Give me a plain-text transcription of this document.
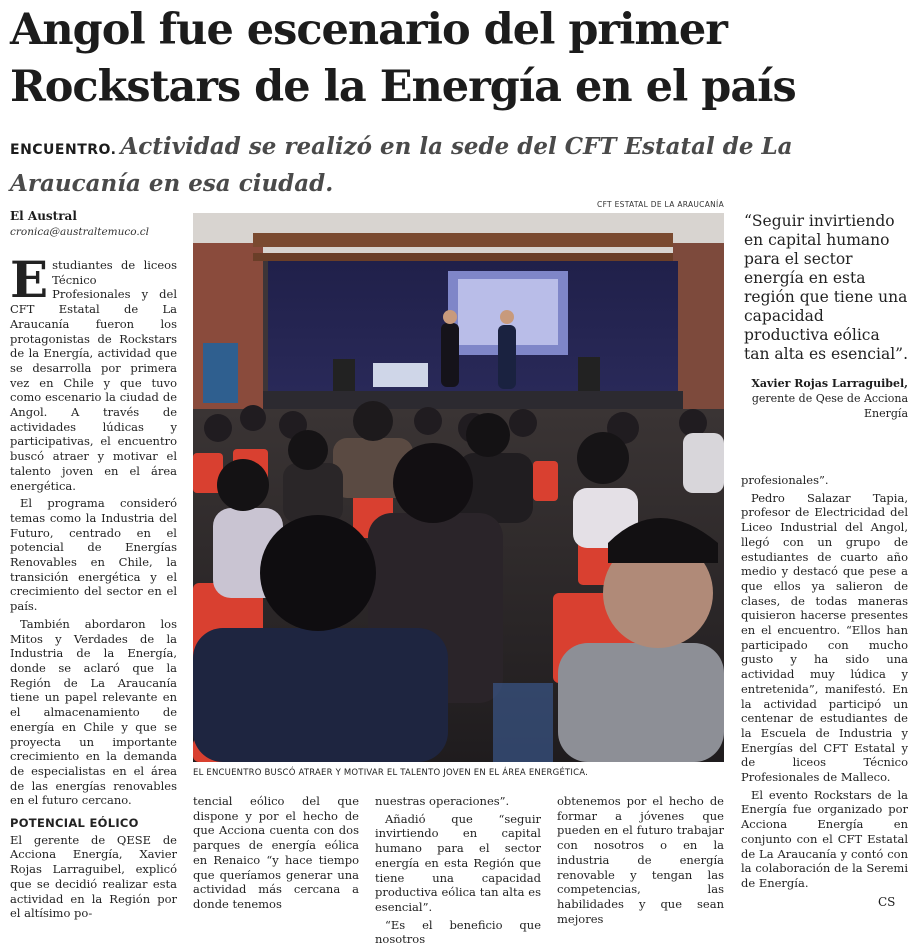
Angol fue escenario del primer Rockstars de la Energía en el país

ENCUENTRO. Actividad se realizó en la sede del CFT Estatal de La Araucanía en esa ciudad.

El Austral
cronica@australtemuco.cl

Estudiantes de liceos Técnico Profesionales y del CFT Estatal de La Araucanía fueron los protagonistas de Rockstars de la Energía, actividad que se desarrolla por primera vez en Chile y que tuvo como escenario la ciudad de Angol. A través de actividades lúdicas y participativas, el encuentro buscó atraer y motivar el talento joven en el área energética.

El programa consideró temas como la Industria del Futuro, centrado en el potencial de Energías Renovables en Chile, la transición energética y el crecimiento del sector en el país.

También abordaron los Mitos y Verdades de la Industria de la Energía, donde se aclaró que la Región de La Araucanía tiene un papel relevante en el almacenamiento de energía en Chile y que se proyecta un importante crecimiento en la demanda de especialistas en el área de las energías renovables en el futuro cercano.

POTENCIAL EÓLICO

El gerente de QESE de Acciona Energía, Xavier Rojas Larraguibel, explicó que se decidió realizar esta actividad en la Región por el altísimo po-

CFT ESTATAL DE LA ARAUCANÍA
EL ENCUENTRO BUSCÓ ATRAER Y MOTIVAR EL TALENTO JOVEN EN EL ÁREA ENERGÉTICA.

“Seguir invirtiendo en capital humano para el sector energía en esta región que tiene una capacidad productiva eólica tan alta es esencial”.

Xavier Rojas Larraguibel,
gerente de Qese de Acciona Energía

tencial eólico del que dispone y por el hecho de que Acciona cuenta con dos parques de energía eólica en Renaico “y hace tiempo que queríamos generar una actividad más cercana a donde tenemos

nuestras operaciones”.

Añadió que “seguir invirtiendo en capital humano para el sector energía en esta Región que tiene una capacidad productiva eólica tan alta es esencial”.

“Es el beneficio que nosotros

obtenemos por el hecho de formar a jóvenes que pueden en el futuro trabajar con nosotros o en la industria de energía renovable y tengan las competencias, las habilidades y que sean mejores

profesionales”.

Pedro Salazar Tapia, profesor de Electricidad del Liceo Industrial del Angol, llegó con un grupo de estudiantes de cuarto año medio y destacó que pese a que ellos ya salieron de clases, de todas maneras quisieron hacerse presentes en el encuentro. “Ellos han participado con mucho gusto y ha sido una actividad muy lúdica y entretenida”, manifestó. En la actividad participó un centenar de estudiantes de la Escuela de Industria y Energías del CFT Estatal y de liceos Técnico Profesionales de Malleco.

El evento Rockstars de la Energía fue organizado por Acciona Energía en conjunto con el CFT Estatal de La Araucanía y contó con la colaboración de la Seremi de Energía.

CS
